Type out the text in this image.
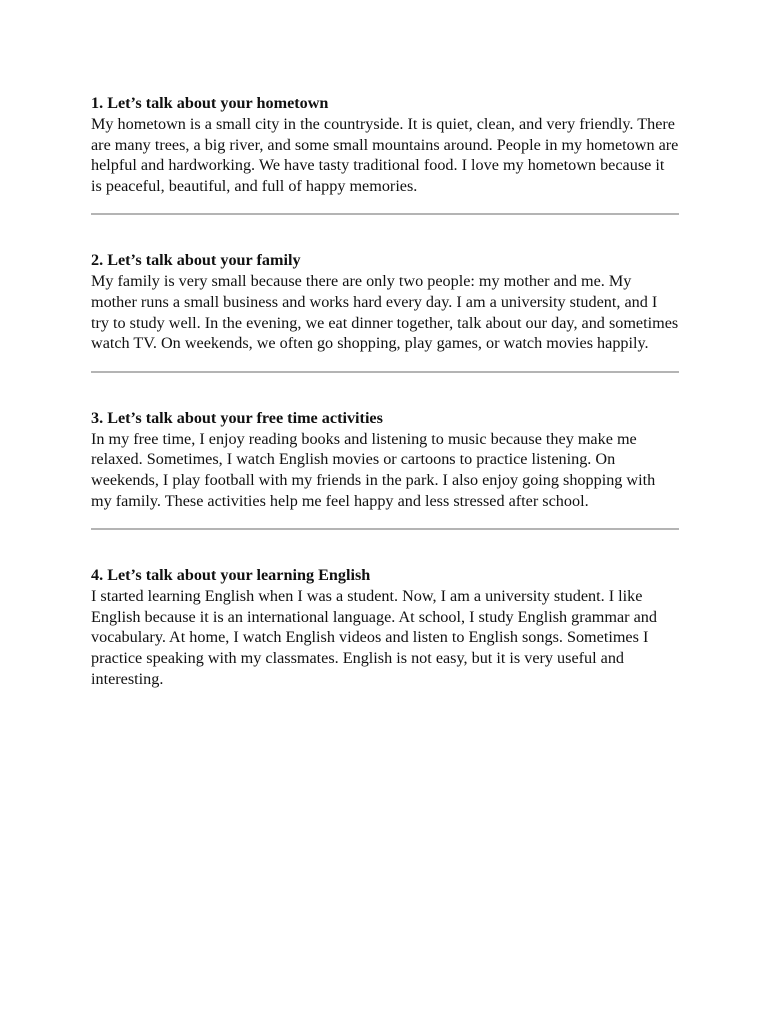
1. Let’s talk about your hometown

My hometown is a small city in the countryside. It is quiet, clean, and very friendly. There are many trees, a big river, and some small mountains around. People in my hometown are helpful and hardworking. We have tasty traditional food. I love my hometown because it is peaceful, beautiful, and full of happy memories.

2. Let’s talk about your family

My family is very small because there are only two people: my mother and me. My mother runs a small business and works hard every day. I am a university student, and I try to study well. In the evening, we eat dinner together, talk about our day, and sometimes watch TV. On weekends, we often go shopping, play games, or watch movies happily.

3. Let’s talk about your free time activities

In my free time, I enjoy reading books and listening to music because they make me relaxed. Sometimes, I watch English movies or cartoons to practice listening. On weekends, I play football with my friends in the park. I also enjoy going shopping with my family. These activities help me feel happy and less stressed after school.

4. Let’s talk about your learning English

I started learning English when I was a student. Now, I am a university student. I like English because it is an international language. At school, I study English grammar and vocabulary. At home, I watch English videos and listen to English songs. Sometimes I practice speaking with my classmates. English is not easy, but it is very useful and interesting.
